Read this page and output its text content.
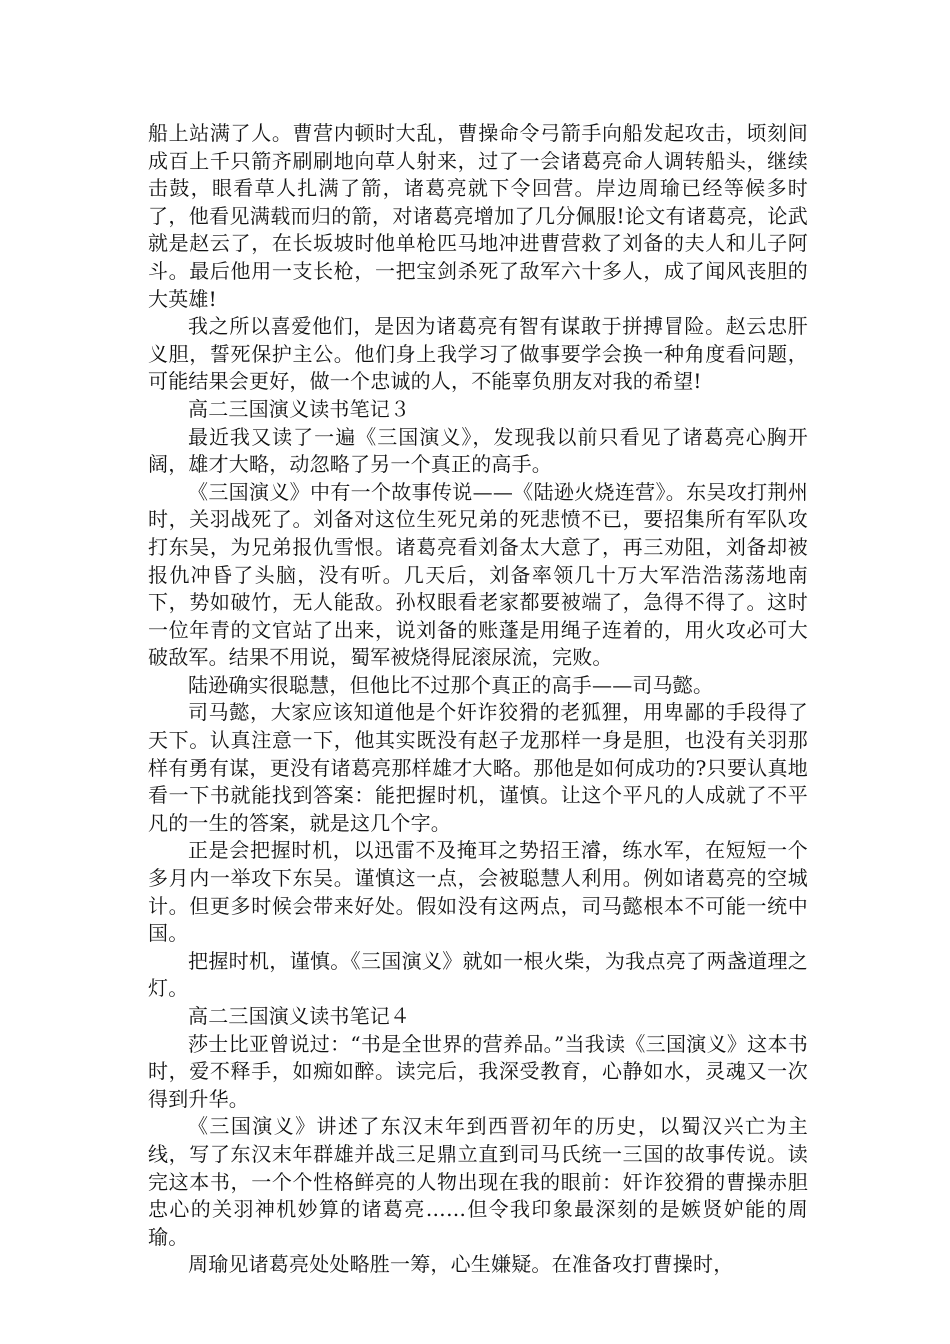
船上站满了人。曹营内顿时大乱，曹操命令弓箭手向船发起攻击，顷刻间成百上千只箭齐刷刷地向草人射来，过了一会诸葛亮命人调转船头，继续击鼓，眼看草人扎满了箭，诸葛亮就下令回营。岸边周瑜已经等候多时了，他看见满载而归的箭，对诸葛亮增加了几分佩服!论文有诸葛亮，论武就是赵云了，在长坂坡时他单枪匹马地冲进曹营救了刘备的夫人和儿子阿斗。最后他用一支长枪，一把宝剑杀死了敌军六十多人，成了闻风丧胆的大英雄!

我之所以喜爱他们，是因为诸葛亮有智有谋敢于拼搏冒险。赵云忠肝义胆，誓死保护主公。他们身上我学习了做事要学会换一种角度看问题，可能结果会更好，做一个忠诚的人，不能辜负朋友对我的希望!

高二三国演义读书笔记３

最近我又读了一遍《三国演义》，发现我以前只看见了诸葛亮心胸开阔，雄才大略，动忽略了另一个真正的高手。

《三国演义》中有一个故事传说——《陆逊火烧连营》。东吴攻打荆州时，关羽战死了。刘备对这位生死兄弟的死悲愤不已，要招集所有军队攻打东吴，为兄弟报仇雪恨。诸葛亮看刘备太大意了，再三劝阻，刘备却被报仇冲昏了头脑，没有听。几天后，刘备率领几十万大军浩浩荡荡地南下，势如破竹，无人能敌。孙权眼看老家都要被端了，急得不得了。这时一位年青的文官站了出来，说刘备的账蓬是用绳子连着的，用火攻必可大破敌军。结果不用说，蜀军被烧得屁滚尿流，完败。

陆逊确实很聪慧，但他比不过那个真正的高手——司马懿。

司马懿，大家应该知道他是个奸诈狡猾的老狐狸，用卑鄙的手段得了天下。认真注意一下，他其实既没有赵子龙那样一身是胆，也没有关羽那样有勇有谋，更没有诸葛亮那样雄才大略。那他是如何成功的?只要认真地看一下书就能找到答案：能把握时机，谨慎。让这个平凡的人成就了不平凡的一生的答案，就是这几个字。

正是会把握时机，以迅雷不及掩耳之势招王濬，练水军，在短短一个多月内一举攻下东吴。谨慎这一点，会被聪慧人利用。例如诸葛亮的空城计。但更多时候会带来好处。假如没有这两点，司马懿根本不可能一统中国。

把握时机，谨慎。《三国演义》就如一根火柴，为我点亮了两盏道理之灯。

高二三国演义读书笔记４

莎士比亚曾说过：“书是全世界的营养品。”当我读《三国演义》这本书时，爱不释手，如痴如醉。读完后，我深受教育，心静如水，灵魂又一次得到升华。

《三国演义》讲述了东汉末年到西晋初年的历史，以蜀汉兴亡为主线，写了东汉末年群雄并战三足鼎立直到司马氏统一三国的故事传说。读完这本书，一个个性格鲜亮的人物出现在我的眼前：奸诈狡猾的曹操赤胆忠心的关羽神机妙算的诸葛亮……但令我印象最深刻的是嫉贤妒能的周瑜。

周瑜见诸葛亮处处略胜一筹，心生嫌疑。在准备攻打曹操时，
